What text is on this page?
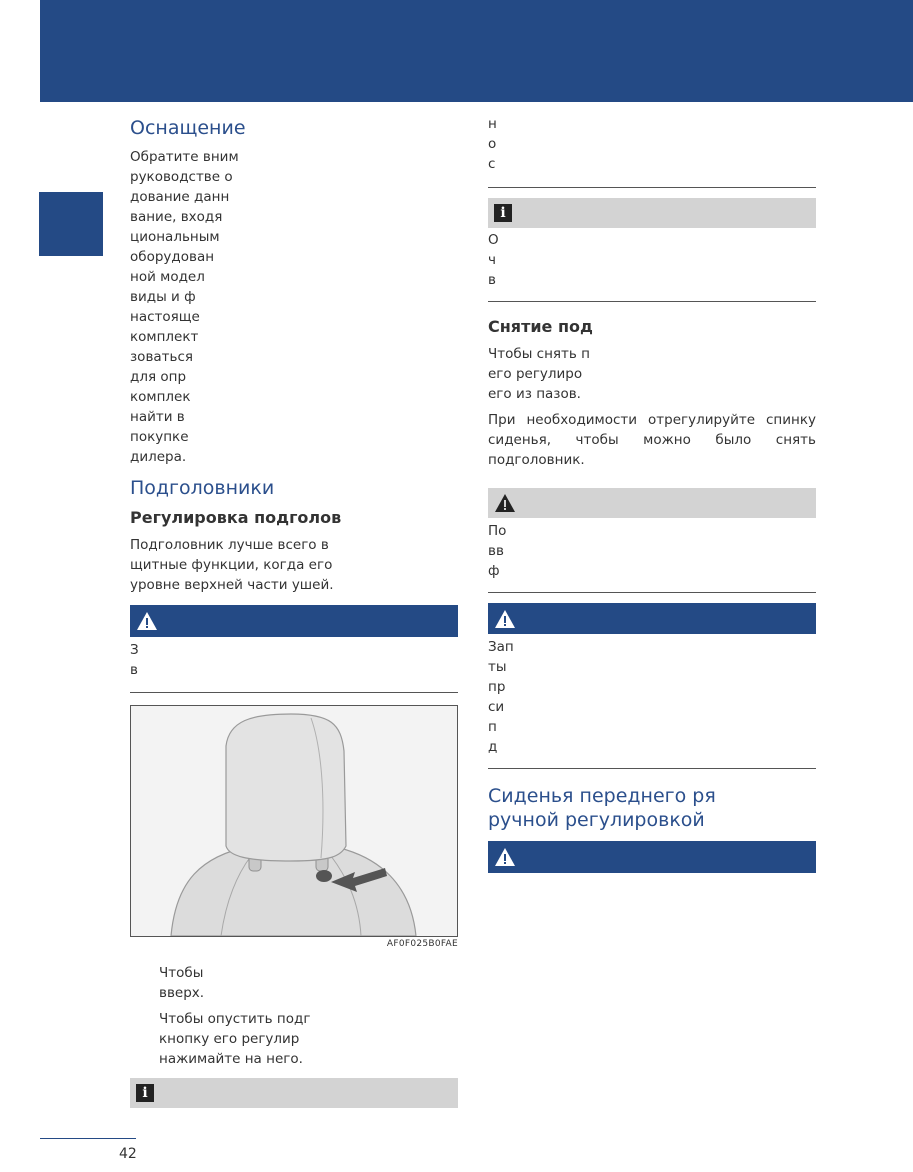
Оснащение
Обратите вним
руководстве о
дование данн
вание, входя
циональным
оборудован
ной модел
виды и ф
настояще
комплект
зоваться
для опр
комплек
найти в
покупке
дилера.
Подголовники
Регулировка подголов
Подголовник лучше всего в
щитные функции, когда его
уровне верхней части ушей.
З
в
AF0F025B0FAE
Чтобы
вверх.
Чтобы опустить подг
кнопку его регулир
нажимайте на него.
i
н
о
с
i
О
ч
в
Снятие под
Чтобы снять п
его регулиро
его из пазов.
При необходимости отрегулируйте спинку сиденья, чтобы можно было снять подголовник.
По
вв
ф
Зап
ты
пр
си
п
д
Сиденья переднего ря
ручной регулировкой
42
